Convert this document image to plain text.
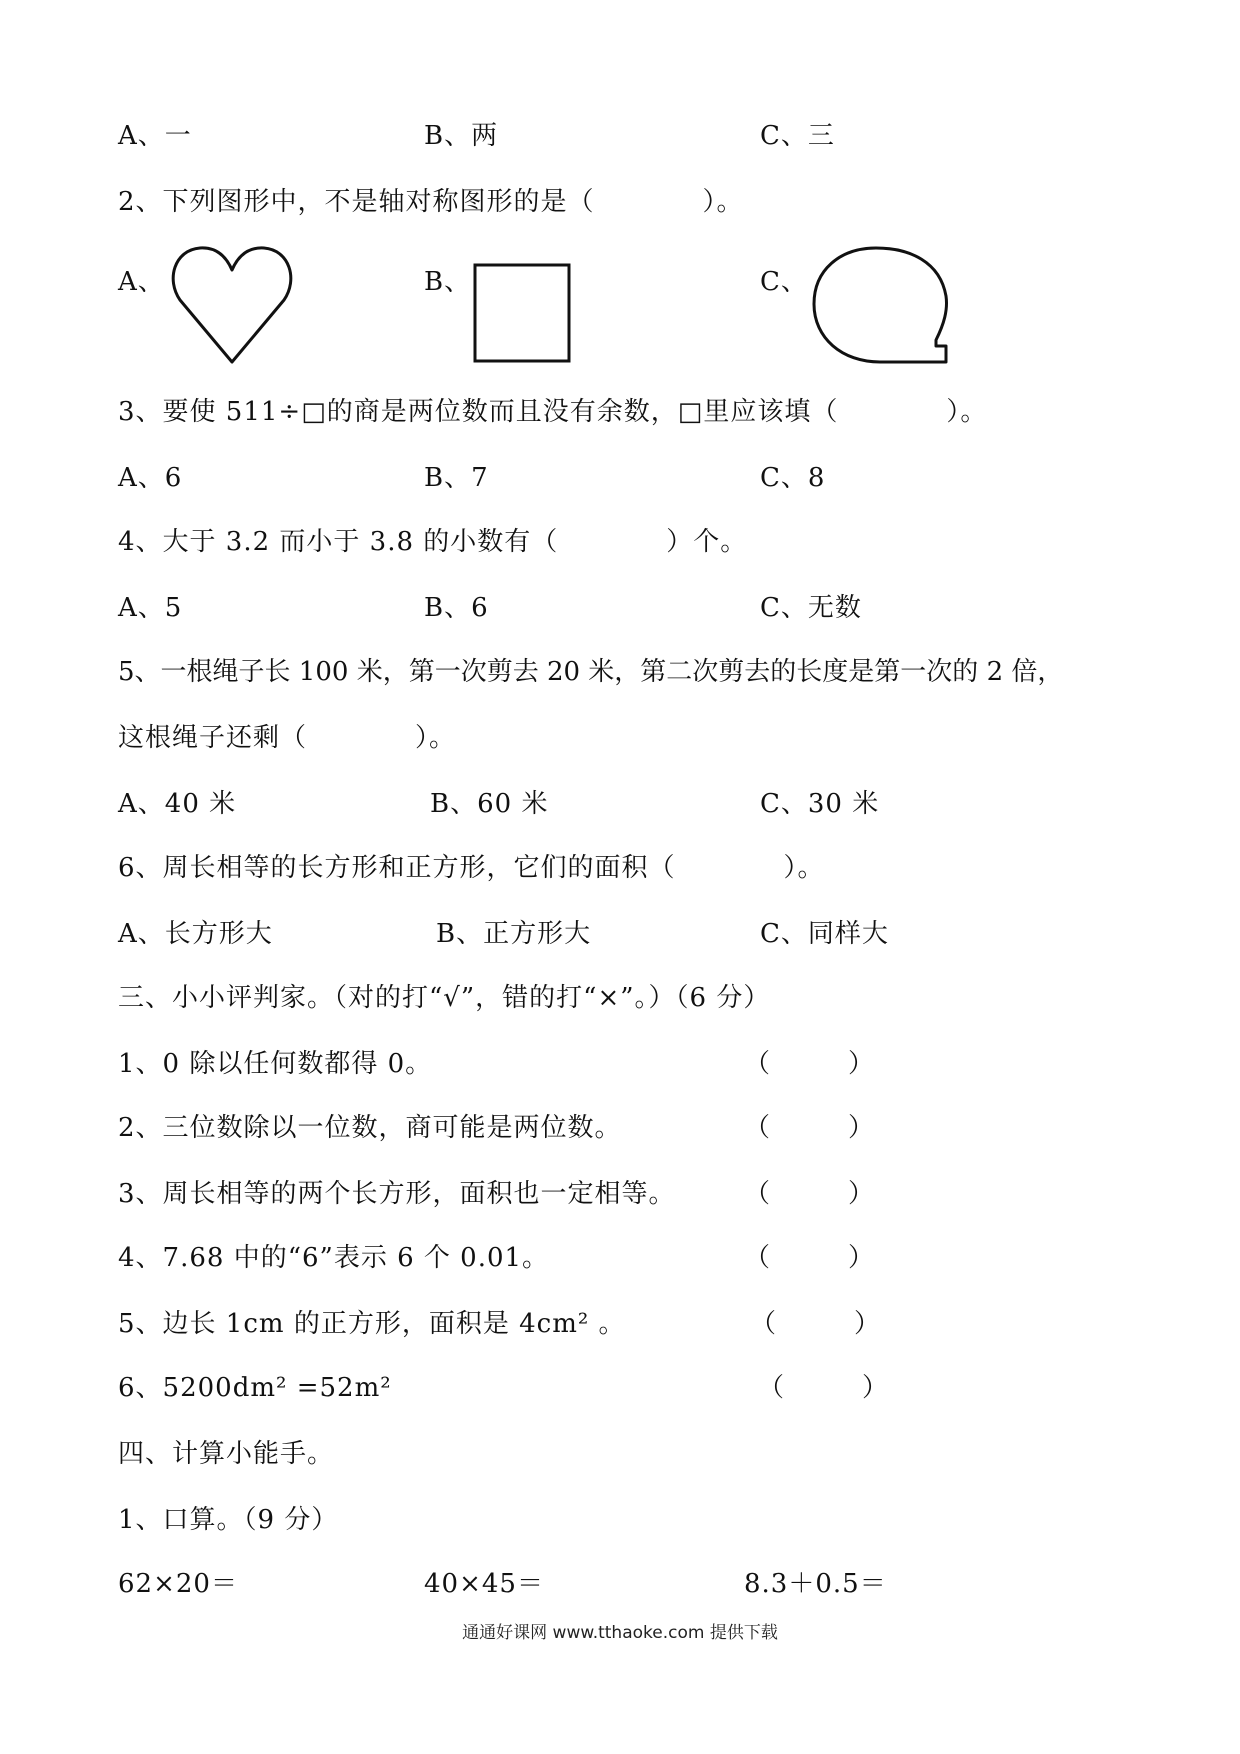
A、一	B、两	C、三
2、下列图形中，不是轴对称图形的是（　　　　）。
A、	B、	C、
3、要使 511÷□的商是两位数而且没有余数，□里应该填（　　　　）。
A、6	B、7	C、8
4、大于 3.2 而小于 3.8 的小数有（　　　　）个。
A、5	B、6	C、无数
5、一根绳子长 100 米，第一次剪去 20 米，第二次剪去的长度是第一次的 2 倍，
这根绳子还剩（　　　　）。
A、40 米	B、60 米	C、30 米
6、周长相等的长方形和正方形，它们的面积（　　　　）。
A、长方形大	B、正方形大	C、同样大
三、小小评判家。（对的打“√”，错的打“×”。）（6 分）
1、0 除以任何数都得 0。	（　　　）
2、三位数除以一位数，商可能是两位数。	（　　　）
3、周长相等的两个长方形，面积也一定相等。	（　　　）
4、7.68 中的“6”表示 6 个 0.01。	（　　　）
5、边长 1cm 的正方形，面积是 4cm² 。	（　　　）
6、5200dm² =52m²	（　　　）
四、计算小能手。
1、口算。（9 分）
62×20＝	40×45＝	8.3＋0.5＝
通通好课网 www.tthaoke.com 提供下载
